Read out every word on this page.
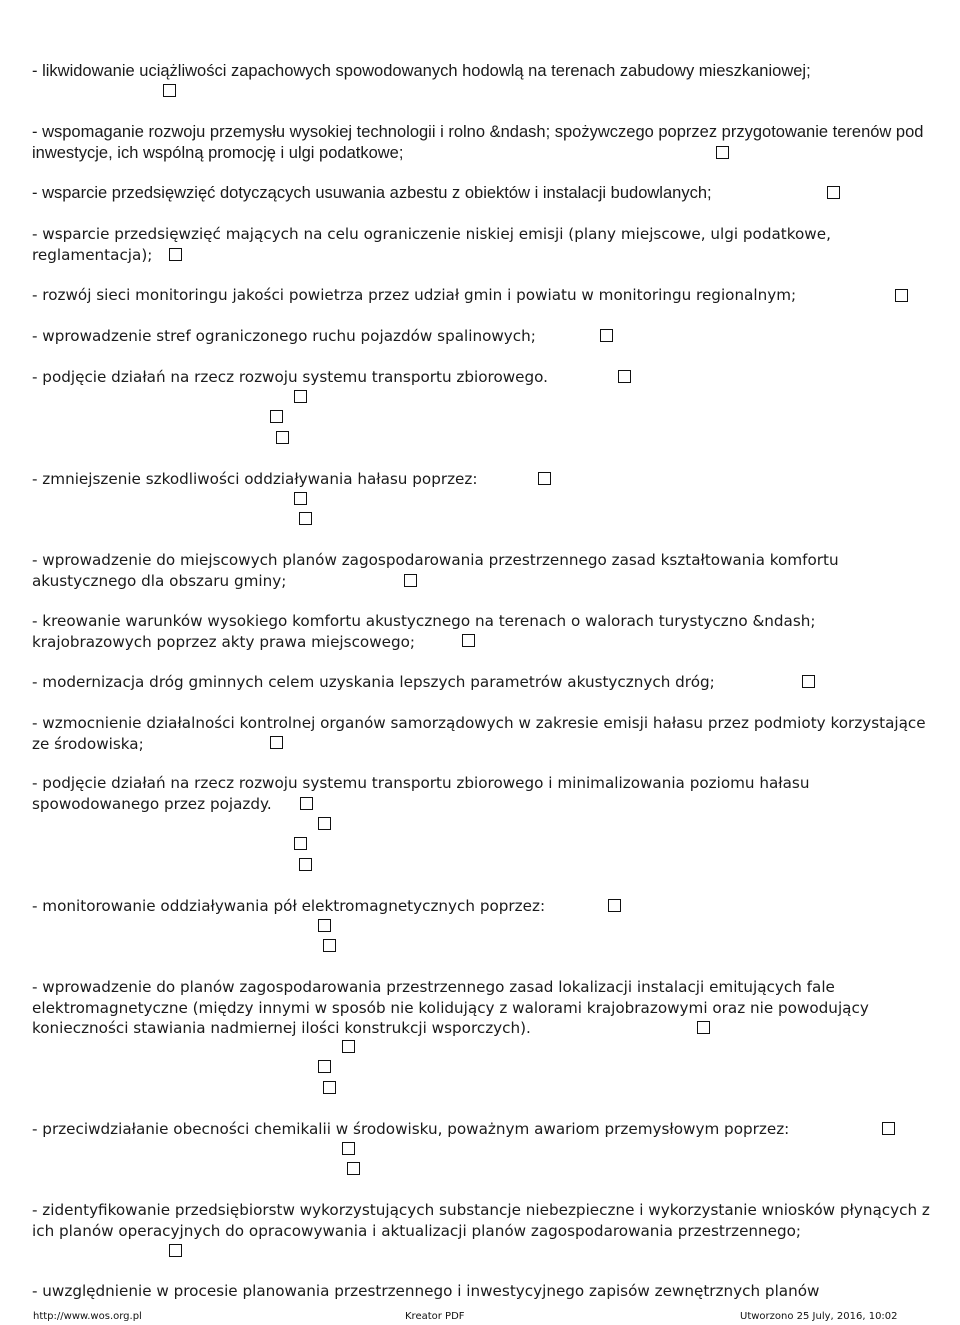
- likwidowanie uciążliwości zapachowych spowodowanych hodowlą na terenach zabudowy mieszkaniowej;

- wspomaganie rozwoju przemysłu wysokiej technologii i rolno &ndash; spożywczego poprzez przygotowanie terenów pod inwestycje, ich wspólną promocję i ulgi podatkowe;

- wsparcie przedsięwzięć dotyczących usuwania azbestu z obiektów i instalacji budowlanych;

- wsparcie przedsięwzięć mających na celu ograniczenie niskiej emisji (plany miejscowe, ulgi podatkowe, reglamentacja);

- rozwój sieci monitoringu jakości powietrza przez udział gmin i powiatu w monitoringu regionalnym;

- wprowadzenie stref ograniczonego ruchu pojazdów spalinowych;

- podjęcie działań na rzecz rozwoju systemu transportu zbiorowego.

- zmniejszenie szkodliwości oddziaływania hałasu poprzez:

- wprowadzenie do miejscowych planów zagospodarowania przestrzennego zasad kształtowania komfortu akustycznego dla obszaru gminy;

- kreowanie warunków wysokiego komfortu akustycznego na terenach o walorach turystyczno &ndash; krajobrazowych poprzez akty prawa miejscowego;

- modernizacja dróg gminnych celem uzyskania lepszych parametrów akustycznych dróg;

- wzmocnienie działalności kontrolnej organów samorządowych w zakresie emisji hałasu przez podmioty korzystające ze środowiska;

- podjęcie działań na rzecz rozwoju systemu transportu zbiorowego i minimalizowania poziomu hałasu spowodowanego przez pojazdy.

- monitorowanie oddziaływania pół elektromagnetycznych poprzez:

- wprowadzenie do planów zagospodarowania przestrzennego zasad lokalizacji instalacji emitujących fale elektromagnetyczne (między innymi w sposób nie kolidujący z walorami krajobrazowymi oraz nie powodujący konieczności stawiania nadmiernej ilości konstrukcji wsporczych).

- przeciwdziałanie obecności chemikalii w środowisku, poważnym awariom przemysłowym poprzez:

- zidentyfikowanie przedsiębiorstw wykorzystujących substancje niebezpieczne i wykorzystanie wniosków płynących z ich planów operacyjnych do opracowywania i aktualizacji planów zagospodarowania przestrzennego;

- uwzględnienie w procesie planowania przestrzennego i inwestycyjnego zapisów zewnętrznych planów

http://www.wos.org.pl	Kreator PDF	Utworzono 25 July, 2016, 10:02
